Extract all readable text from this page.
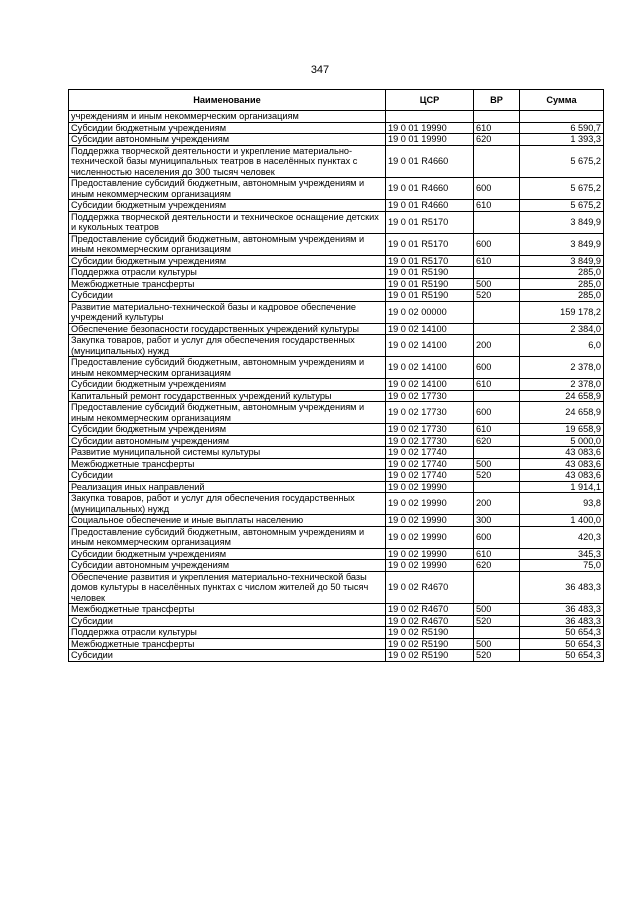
347
Наименование	ЦСР	ВР	Сумма
учреждениям и иным некоммерческим организациям			
Субсидии бюджетным учреждениям	19 0 01 19990	610	6 590,7
Субсидии автономным учреждениям	19 0 01 19990	620	1 393,3
Поддержка творческой деятельности и укрепление материально-технической базы муниципальных театров в населённых пунктах с численностью населения до 300 тысяч человек	19 0 01 R4660		5 675,2
Предоставление субсидий бюджетным, автономным учреждениям и иным некоммерческим организациям	19 0 01 R4660	600	5 675,2
Субсидии бюджетным учреждениям	19 0 01 R4660	610	5 675,2
Поддержка творческой деятельности и техническое оснащение детских и кукольных театров	19 0 01 R5170		3 849,9
Предоставление субсидий бюджетным, автономным учреждениям и иным некоммерческим организациям	19 0 01 R5170	600	3 849,9
Субсидии бюджетным учреждениям	19 0 01 R5170	610	3 849,9
Поддержка отрасли культуры	19 0 01 R5190		285,0
Межбюджетные трансферты	19 0 01 R5190	500	285,0
Субсидии	19 0 01 R5190	520	285,0
Развитие материально-технической базы и кадровое обеспечение учреждений культуры	19 0 02 00000		159 178,2
Обеспечение безопасности государственных учреждений культуры	19 0 02 14100		2 384,0
Закупка товаров, работ и услуг для обеспечения государственных (муниципальных) нужд	19 0 02 14100	200	6,0
Предоставление субсидий бюджетным, автономным учреждениям и иным некоммерческим организациям	19 0 02 14100	600	2 378,0
Субсидии бюджетным учреждениям	19 0 02 14100	610	2 378,0
Капитальный ремонт государственных учреждений культуры	19 0 02 17730		24 658,9
Предоставление субсидий бюджетным, автономным учреждениям и иным некоммерческим организациям	19 0 02 17730	600	24 658,9
Субсидии бюджетным учреждениям	19 0 02 17730	610	19 658,9
Субсидии автономным учреждениям	19 0 02 17730	620	5 000,0
Развитие муниципальной системы культуры	19 0 02 17740		43 083,6
Межбюджетные трансферты	19 0 02 17740	500	43 083,6
Субсидии	19 0 02 17740	520	43 083,6
Реализация иных направлений	19 0 02 19990		1 914,1
Закупка товаров, работ и услуг для обеспечения государственных (муниципальных) нужд	19 0 02 19990	200	93,8
Социальное обеспечение и иные выплаты населению	19 0 02 19990	300	1 400,0
Предоставление субсидий бюджетным, автономным учреждениям и иным некоммерческим организациям	19 0 02 19990	600	420,3
Субсидии бюджетным учреждениям	19 0 02 19990	610	345,3
Субсидии автономным учреждениям	19 0 02 19990	620	75,0
Обеспечение развития и укрепления материально-технической базы домов культуры в населённых пунктах с числом жителей до 50 тысяч человек	19 0 02 R4670		36 483,3
Межбюджетные трансферты	19 0 02 R4670	500	36 483,3
Субсидии	19 0 02 R4670	520	36 483,3
Поддержка отрасли культуры	19 0 02 R5190		50 654,3
Межбюджетные трансферты	19 0 02 R5190	500	50 654,3
Субсидии	19 0 02 R5190	520	50 654,3
